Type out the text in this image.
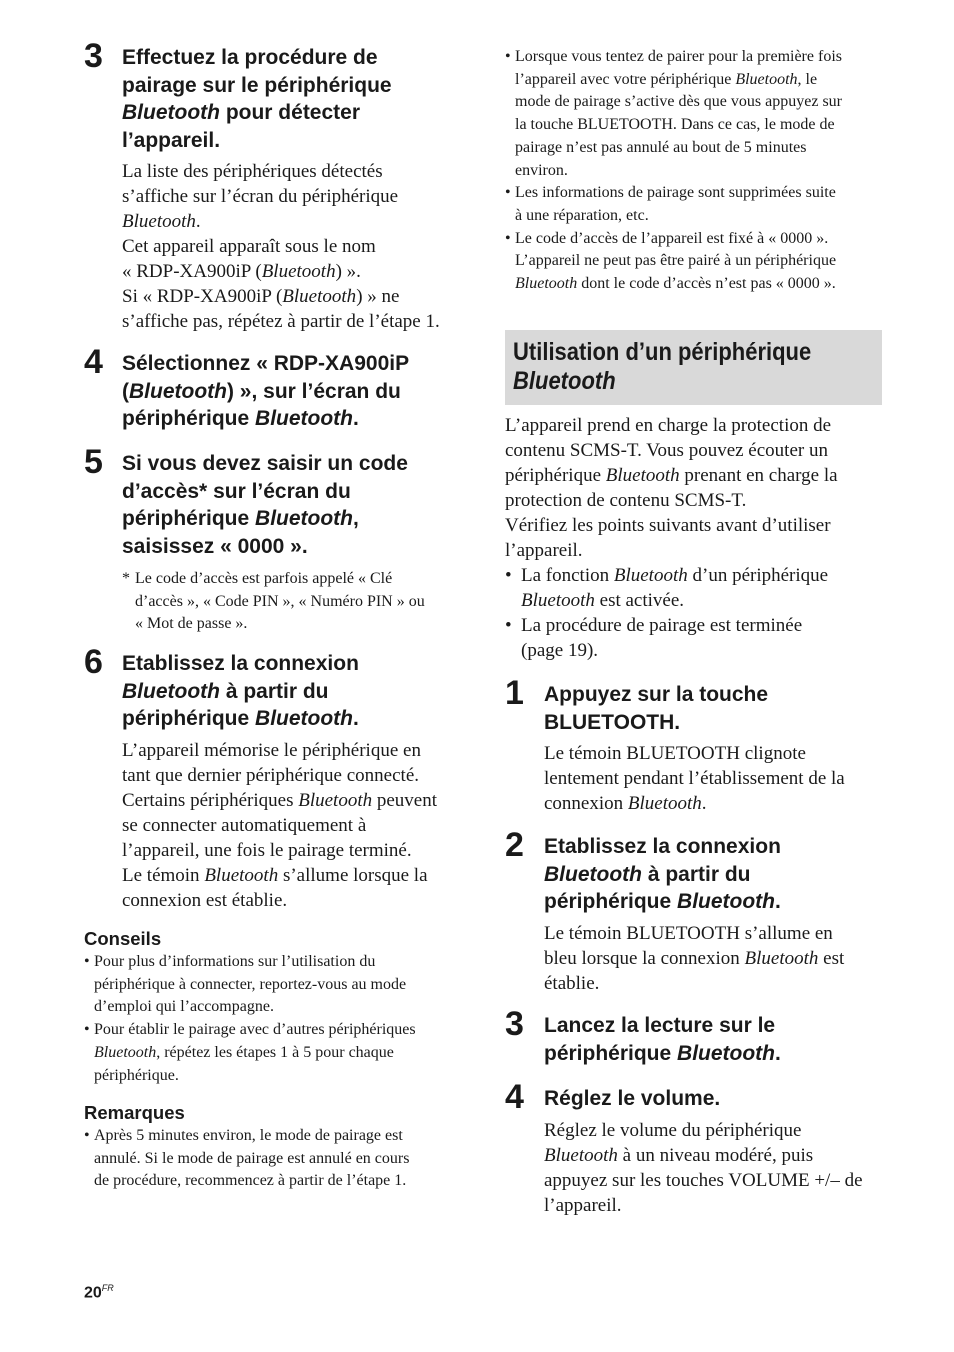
3 Effectuez la procédure de
pairage sur le périphérique
Bluetooth pour détecter
l’appareil.

La liste des périphériques détectés
s’affiche sur l’écran du périphérique
Bluetooth.
Cet appareil apparaît sous le nom
« RDP-XA900iP (Bluetooth) ».
Si « RDP-XA900iP (Bluetooth) » ne
s’affiche pas, répétez à partir de l’étape 1.

4 Sélectionnez « RDP-XA900iP
(Bluetooth) », sur l’écran du
périphérique Bluetooth.

5 Si vous devez saisir un code
d’accès* sur l’écran du
périphérique Bluetooth,
saisissez « 0000 ».

* Le code d’accès est parfois appelé « Clé
d’accès », « Code PIN », « Numéro PIN » ou
« Mot de passe ».

6 Etablissez la connexion
Bluetooth à partir du
périphérique Bluetooth.

L’appareil mémorise le périphérique en
tant que dernier périphérique connecté.
Certains périphériques Bluetooth peuvent
se connecter automatiquement à
l’appareil, une fois le pairage terminé.
Le témoin Bluetooth s’allume lorsque la
connexion est établie.

Conseils

• Pour plus d’informations sur l’utilisation du
périphérique à connecter, reportez-vous au mode
d’emploi qui l’accompagne.

• Pour établir le pairage avec d’autres périphériques
Bluetooth, répétez les étapes 1 à 5 pour chaque
périphérique.

Remarques

• Après 5 minutes environ, le mode de pairage est
annulé. Si le mode de pairage est annulé en cours
de procédure, recommencez à partir de l’étape 1.

• Lorsque vous tentez de pairer pour la première fois
l’appareil avec votre périphérique Bluetooth, le
mode de pairage s’active dès que vous appuyez sur
la touche BLUETOOTH. Dans ce cas, le mode de
pairage n’est pas annulé au bout de 5 minutes
environ.

• Les informations de pairage sont supprimées suite
à une réparation, etc.

• Le code d’accès de l’appareil est fixé à « 0000 ».
L’appareil ne peut pas être pairé à un périphérique
Bluetooth dont le code d’accès n’est pas « 0000 ».

L’appareil prend en charge la protection de
contenu SCMS-T. Vous pouvez écouter un
périphérique Bluetooth prenant en charge la
protection de contenu SCMS-T.
Vérifiez les points suivants avant d’utiliser
l’appareil.

• La fonction Bluetooth d’un périphérique
Bluetooth est activée.

• La procédure de pairage est terminée
(page 19).

1 Appuyez sur la touche
BLUETOOTH.

Le témoin BLUETOOTH clignote
lentement pendant l’établissement de la
connexion Bluetooth.

2 Etablissez la connexion
Bluetooth à partir du
périphérique Bluetooth.

Le témoin BLUETOOTH s’allume en
bleu lorsque la connexion Bluetooth est
établie.

3 Lancez la lecture sur le
périphérique Bluetooth.

4 Réglez le volume.

Réglez le volume du périphérique
Bluetooth à un niveau modéré, puis
appuyez sur les touches VOLUME +/– de
l’appareil.

Utilisation d’un périphérique
Bluetooth

$20^{FR}$
